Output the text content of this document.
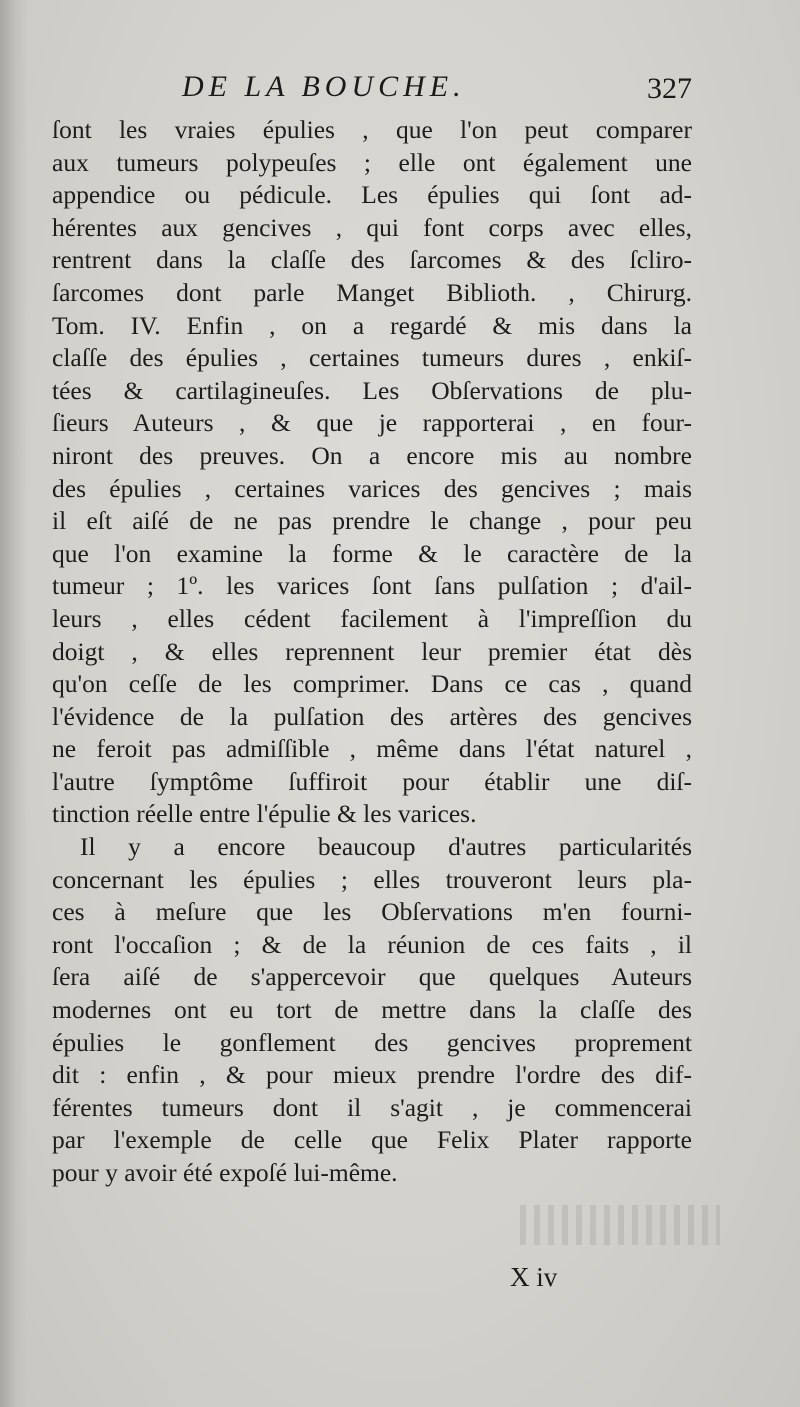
DE LA BOUCHE.	327
ſont les vraies épulies , que l'on peut comparer
aux tumeurs polypeuſes ; elle ont également une
appendice ou pédicule. Les épulies qui ſont ad-
hérentes aux gencives , qui font corps avec elles,
rentrent dans la claſſe des ſarcomes & des ſcliro-
ſarcomes dont parle Manget Biblioth. , Chirurg.
Tom. IV. Enfin , on a regardé & mis dans la
claſſe des épulies , certaines tumeurs dures , enkiſ-
tées & cartilagineuſes. Les Obſervations de plu-
ſieurs Auteurs , & que je rapporterai , en four-
niront des preuves. On a encore mis au nombre
des épulies , certaines varices des gencives ; mais
il eſt aiſé de ne pas prendre le change , pour peu
que l'on examine la forme & le caractère de la
tumeur ; 1º. les varices ſont ſans pulſation ; d'ail-
leurs , elles cédent facilement à l'impreſſion du
doigt , & elles reprennent leur premier état dès
qu'on ceſſe de les comprimer. Dans ce cas , quand
l'évidence de la pulſation des artères des gencives
ne feroit pas admiſſible , même dans l'état naturel ,
l'autre ſymptôme ſuffiroit pour établir une diſ-
tinction réelle entre l'épulie & les varices.
Il y a encore beaucoup d'autres particularités
concernant les épulies ; elles trouveront leurs pla-
ces à meſure que les Obſervations m'en fourni-
ront l'occaſion ; & de la réunion de ces faits , il
ſera aiſé de s'appercevoir que quelques Auteurs
modernes ont eu tort de mettre dans la claſſe des
épulies le gonflement des gencives proprement
dit : enfin , & pour mieux prendre l'ordre des dif-
férentes tumeurs dont il s'agit , je commencerai
par l'exemple de celle que Felix Plater rapporte
pour y avoir été expoſé lui-même.
X iv
